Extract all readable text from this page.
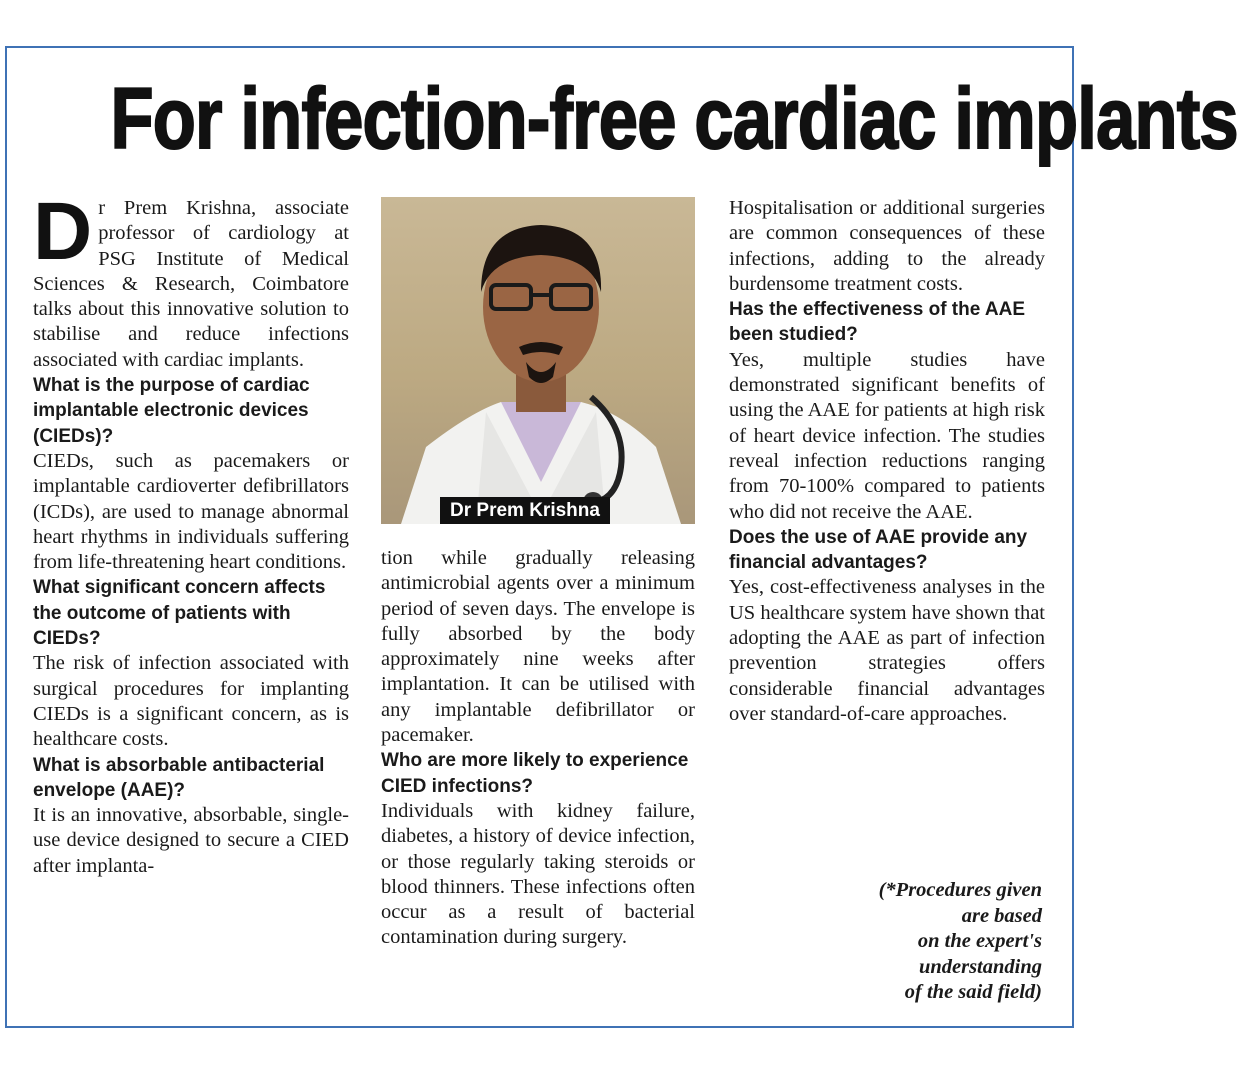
For infection-free cardiac implants

Dr Prem Krishna, associate professor of cardiology at PSG Institute of Medical Sciences & Research, Coimbatore talks about this innovative solution to stabilise and reduce infections associated with cardiac implants.

What is the purpose of cardiac implantable electronic devices (CIEDs)?

CIEDs, such as pacemakers or implantable cardioverter defibrillators (ICDs), are used to manage abnormal heart rhythms in individuals suffering from life-threatening heart conditions.

What significant concern affects the outcome of patients with CIEDs?

The risk of infection associated with surgical procedures for implanting CIEDs is a significant concern, as is healthcare costs.

What is absorbable antibacterial envelope (AAE)?

It is an innovative, absorbable, single-use device designed to secure a CIED after implanta-

Dr Prem Krishna

tion while gradually releasing antimicrobial agents over a minimum period of seven days. The envelope is fully absorbed by the body approximately nine weeks after implantation. It can be utilised with any implantable defibrillator or pacemaker.

Who are more likely to experience CIED infections?

Individuals with kidney failure, diabetes, a history of device infection, or those regularly taking steroids or blood thinners. These infections often occur as a result of bacterial contamination during surgery.

Hospitalisation or additional surgeries are common consequences of these infections, adding to the already burdensome treatment costs.

Has the effectiveness of the AAE been studied?

Yes, multiple studies have demonstrated significant benefits of using the AAE for patients at high risk of heart device infection. The studies reveal infection reductions ranging from 70-100% compared to patients who did not receive the AAE.

Does the use of AAE provide any financial advantages?

Yes, cost-effectiveness analyses in the US healthcare system have shown that adopting the AAE as part of infection prevention strategies offers considerable financial advantages over standard-of-care approaches.

(*Procedures given
are based
on the expert's
understanding
of the said field)
